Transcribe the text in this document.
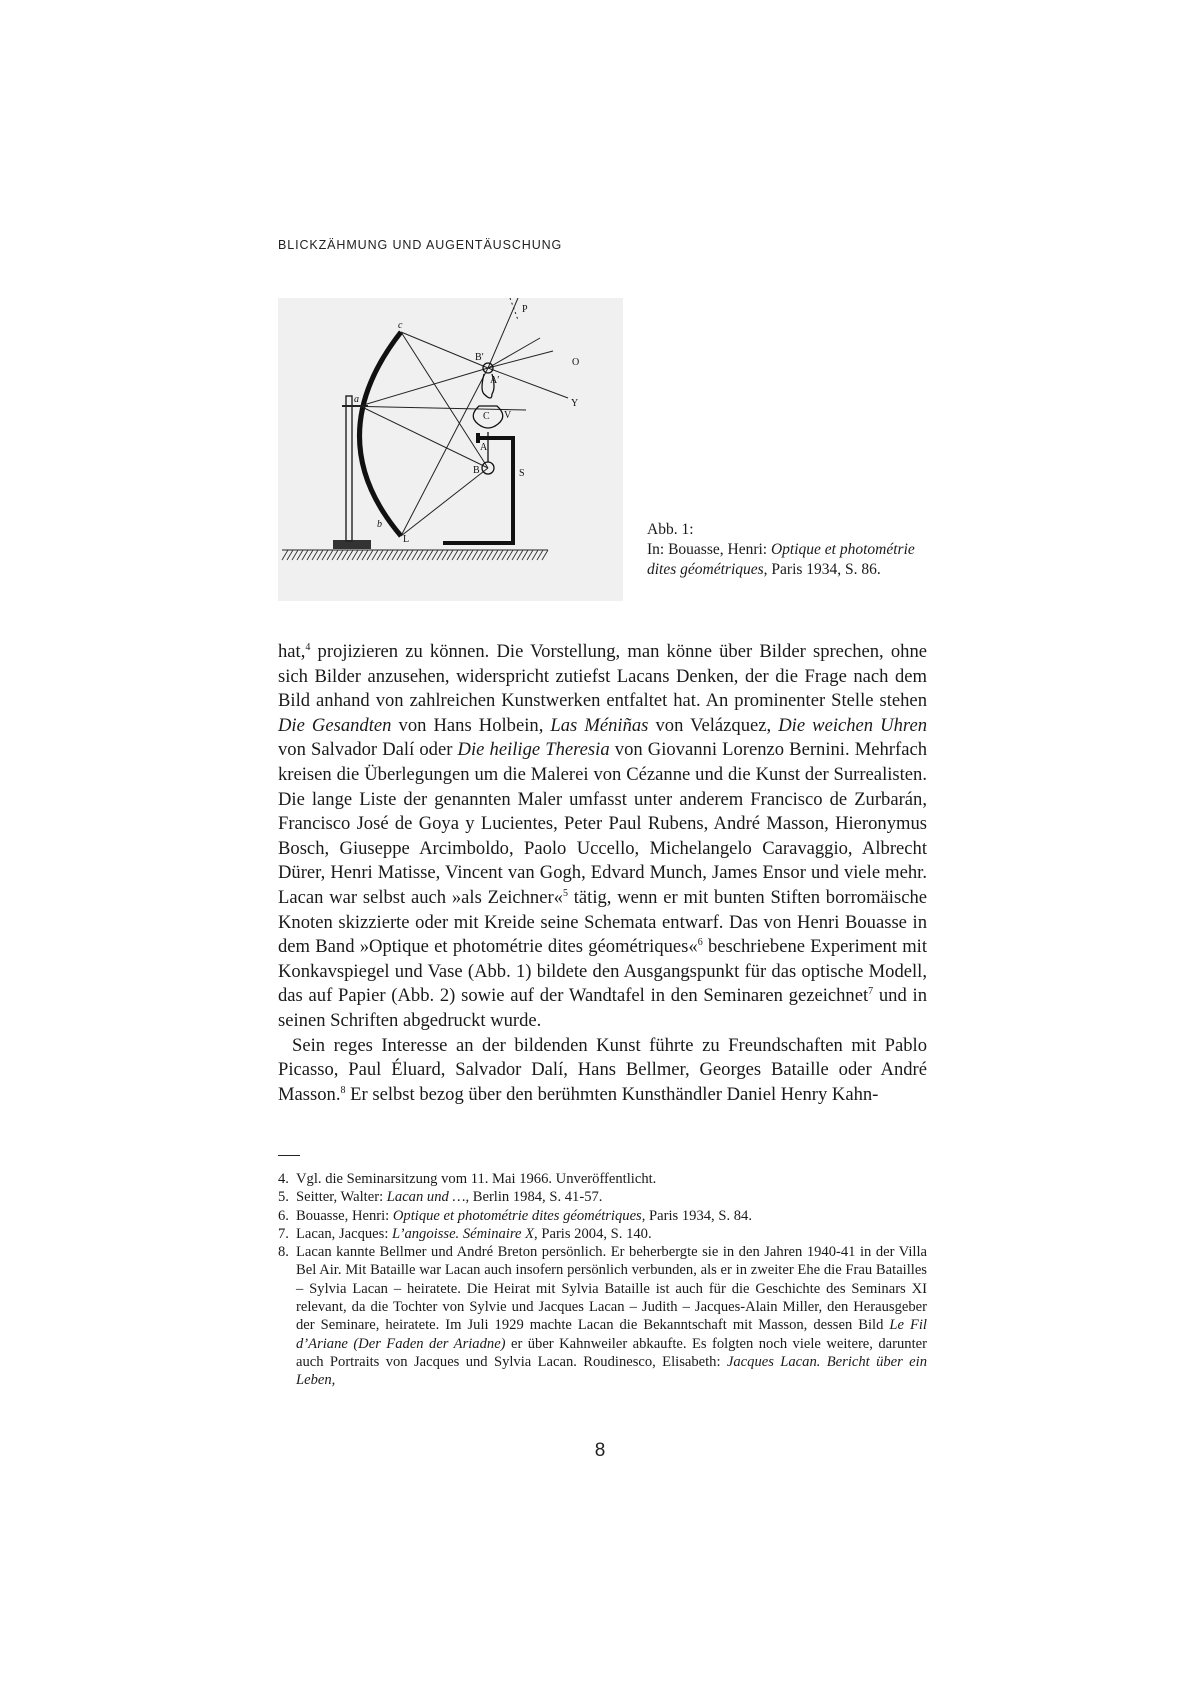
BLICKZÄHMUNG UND AUGENTÄUSCHUNG
c
a
b
L
B′
A′
C V
A
B	S
O
Y
P

Abb. 1:

In: Bouasse, Henri: Optique et photométrie dites géométriques, Paris 1934, S. 86.

hat,$^4$ projizieren zu können. Die Vorstellung, man könne über Bilder sprechen, ohne sich Bilder anzusehen, widerspricht zutiefst Lacans Denken, der die Frage nach dem Bild anhand von zahlreichen Kunstwerken entfaltet hat. An prominenter Stelle stehen Die Gesandten von Hans Holbein, Las Méniñas von Velázquez, Die weichen Uhren von Salvador Dalí oder Die heilige Theresia von Giovanni Lorenzo Bernini. Mehrfach kreisen die Überlegungen um die Malerei von Cézanne und die Kunst der Surrealisten. Die lange Liste der genannten Maler umfasst unter anderem Francisco de Zurbarán, Francisco José de Goya y Lucientes, Peter Paul Rubens, André Masson, Hieronymus Bosch, Giuseppe Arcimboldo, Paolo Uccello, Michelangelo Caravaggio, Albrecht Dürer, Henri Matisse, Vincent van Gogh, Edvard Munch, James Ensor und viele mehr. Lacan war selbst auch »als Zeichner«$^5$ tätig, wenn er mit bunten Stiften borromäische Knoten skizzierte oder mit Kreide seine Schemata entwarf. Das von Henri Bouasse in dem Band »Optique et photométrie dites géométriques«$^6$ beschriebene Experiment mit Konkavspiegel und Vase (Abb. 1) bildete den Ausgangspunkt für das optische Modell, das auf Papier (Abb. 2) sowie auf der Wandtafel in den Seminaren gezeichnet$^7$ und in seinen Schriften abgedruckt wurde.

Sein reges Interesse an der bildenden Kunst führte zu Freundschaften mit Pablo Picasso, Paul Éluard, Salvador Dalí, Hans Bellmer, Georges Bataille oder André Masson.$^8$ Er selbst bezog über den berühmten Kunsthändler Daniel Henry Kahn-

4. Vgl. die Seminarsitzung vom 11. Mai 1966. Unveröffentlicht.
5. Seitter, Walter: Lacan und …, Berlin 1984, S. 41-57.
6. Bouasse, Henri: Optique et photométrie dites géométriques, Paris 1934, S. 84.
7. Lacan, Jacques: L’angoisse. Séminaire X, Paris 2004, S. 140.
8. Lacan kannte Bellmer und André Breton persönlich. Er beherbergte sie in den Jahren 1940-41 in der Villa Bel Air. Mit Bataille war Lacan auch insofern persönlich verbunden, als er in zweiter Ehe die Frau Batailles – Sylvia Lacan – heiratete. Die Heirat mit Sylvia Bataille ist auch für die Geschichte des Seminars XI relevant, da die Tochter von Sylvie und Jacques Lacan – Judith – Jacques-Alain Miller, den Herausgeber der Seminare, heiratete. Im Juli 1929 machte Lacan die Bekanntschaft mit Masson, dessen Bild Le Fil d’Ariane (Der Faden der Ariadne) er über Kahnweiler abkaufte. Es folgten noch viele weitere, darunter auch Portraits von Jacques und Sylvia Lacan. Roudinesco, Elisabeth: Jacques Lacan. Bericht über ein Leben,
8
